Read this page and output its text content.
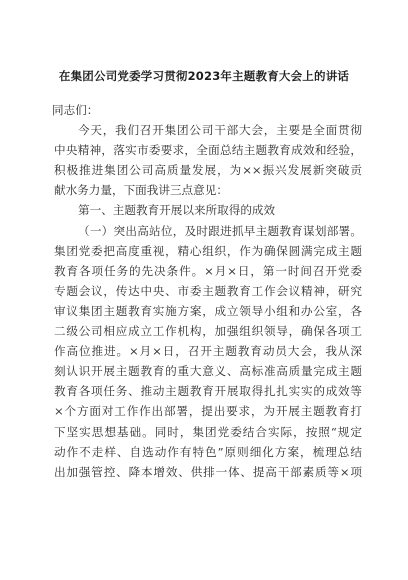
在集团公司党委学习贯彻2023年主题教育大会上的讲话
同志们：
今天，我们召开集团公司干部大会，主要是全面贯彻
中央精神，落实市委要求，全面总结主题教育成效和经验，
积极推进集团公司高质量发展，为××振兴发展新突破贡
献水务力量，下面我讲三点意见：
第一、主题教育开展以来所取得的成效
（一）突出高站位，及时跟进抓早主题教育谋划部署。
集团党委把高度重视，精心组织，作为确保圆满完成主题
教育各项任务的先决条件。×月×日，第一时间召开党委
专题会议，传达中央、市委主题教育工作会议精神，研究
审议集团主题教育实施方案，成立领导小组和办公室，各
二级公司相应成立工作机构，加强组织领导，确保各项工
作高位推进。×月×日，召开主题教育动员大会，我从深
刻认识开展主题教育的重大意义、高标准高质量完成主题
教育各项任务、推动主题教育开展取得扎扎实实的成效等
×个方面对工作作出部署，提出要求，为开展主题教育打
下坚实思想基础。同时，集团党委结合实际，按照“规定
动作不走样、自选动作有特色”原则细化方案，梳理总结
出加强管控、降本增效、供排一体、提高干部素质等×项
